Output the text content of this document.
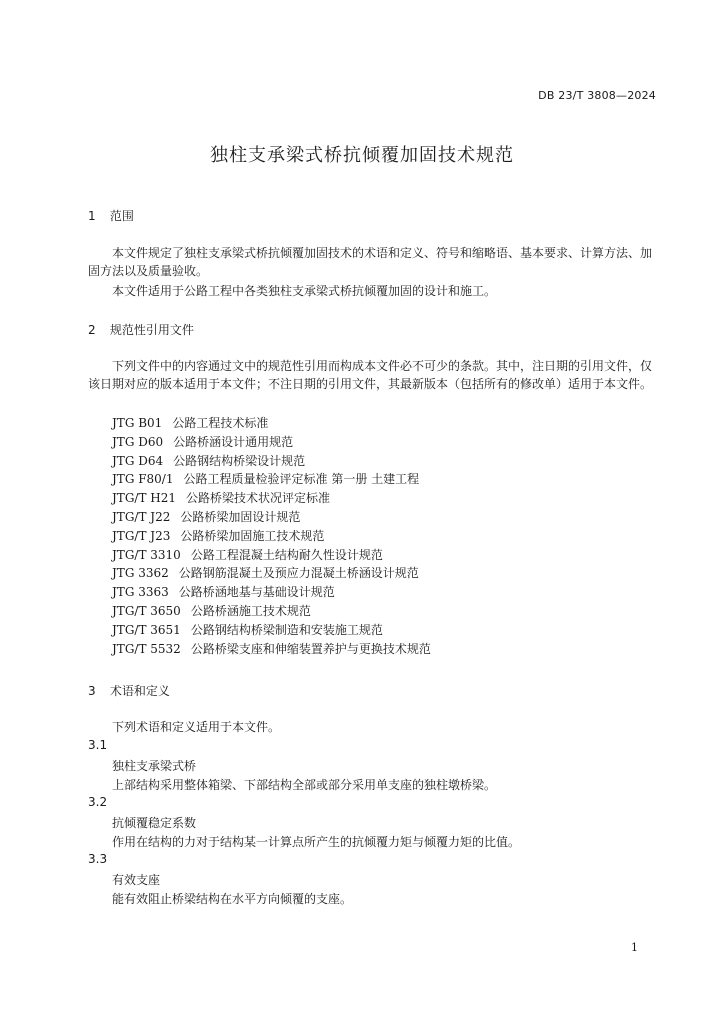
DB 23/T 3808—2024
独柱支承梁式桥抗倾覆加固技术规范
1 范围

本文件规定了独柱支承梁式桥抗倾覆加固技术的术语和定义、符号和缩略语、基本要求、计算方法、加固方法以及质量验收。

本文件适用于公路工程中各类独柱支承梁式桥抗倾覆加固的设计和施工。

2 规范性引用文件

下列文件中的内容通过文中的规范性引用而构成本文件必不可少的条款。其中，注日期的引用文件，仅该日期对应的版本适用于本文件；不注日期的引用文件，其最新版本（包括所有的修改单）适用于本文件。

JTG B01 公路工程技术标准
JTG D60 公路桥涵设计通用规范
JTG D64 公路钢结构桥梁设计规范
JTG F80/1 公路工程质量检验评定标准 第一册 土建工程
JTG/T H21 公路桥梁技术状况评定标准
JTG/T J22 公路桥梁加固设计规范
JTG/T J23 公路桥梁加固施工技术规范
JTG/T 3310 公路工程混凝土结构耐久性设计规范
JTG 3362 公路钢筋混凝土及预应力混凝土桥涵设计规范
JTG 3363 公路桥涵地基与基础设计规范
JTG/T 3650 公路桥涵施工技术规范
JTG/T 3651 公路钢结构桥梁制造和安装施工规范
JTG/T 5532 公路桥梁支座和伸缩装置养护与更换技术规范
3 术语和定义

下列术语和定义适用于本文件。

3.1
独柱支承梁式桥
上部结构采用整体箱梁、下部结构全部或部分采用单支座的独柱墩桥梁。
3.2
抗倾覆稳定系数
作用在结构的力对于结构某一计算点所产生的抗倾覆力矩与倾覆力矩的比值。
3.3
有效支座
能有效阻止桥梁结构在水平方向倾覆的支座。
1
